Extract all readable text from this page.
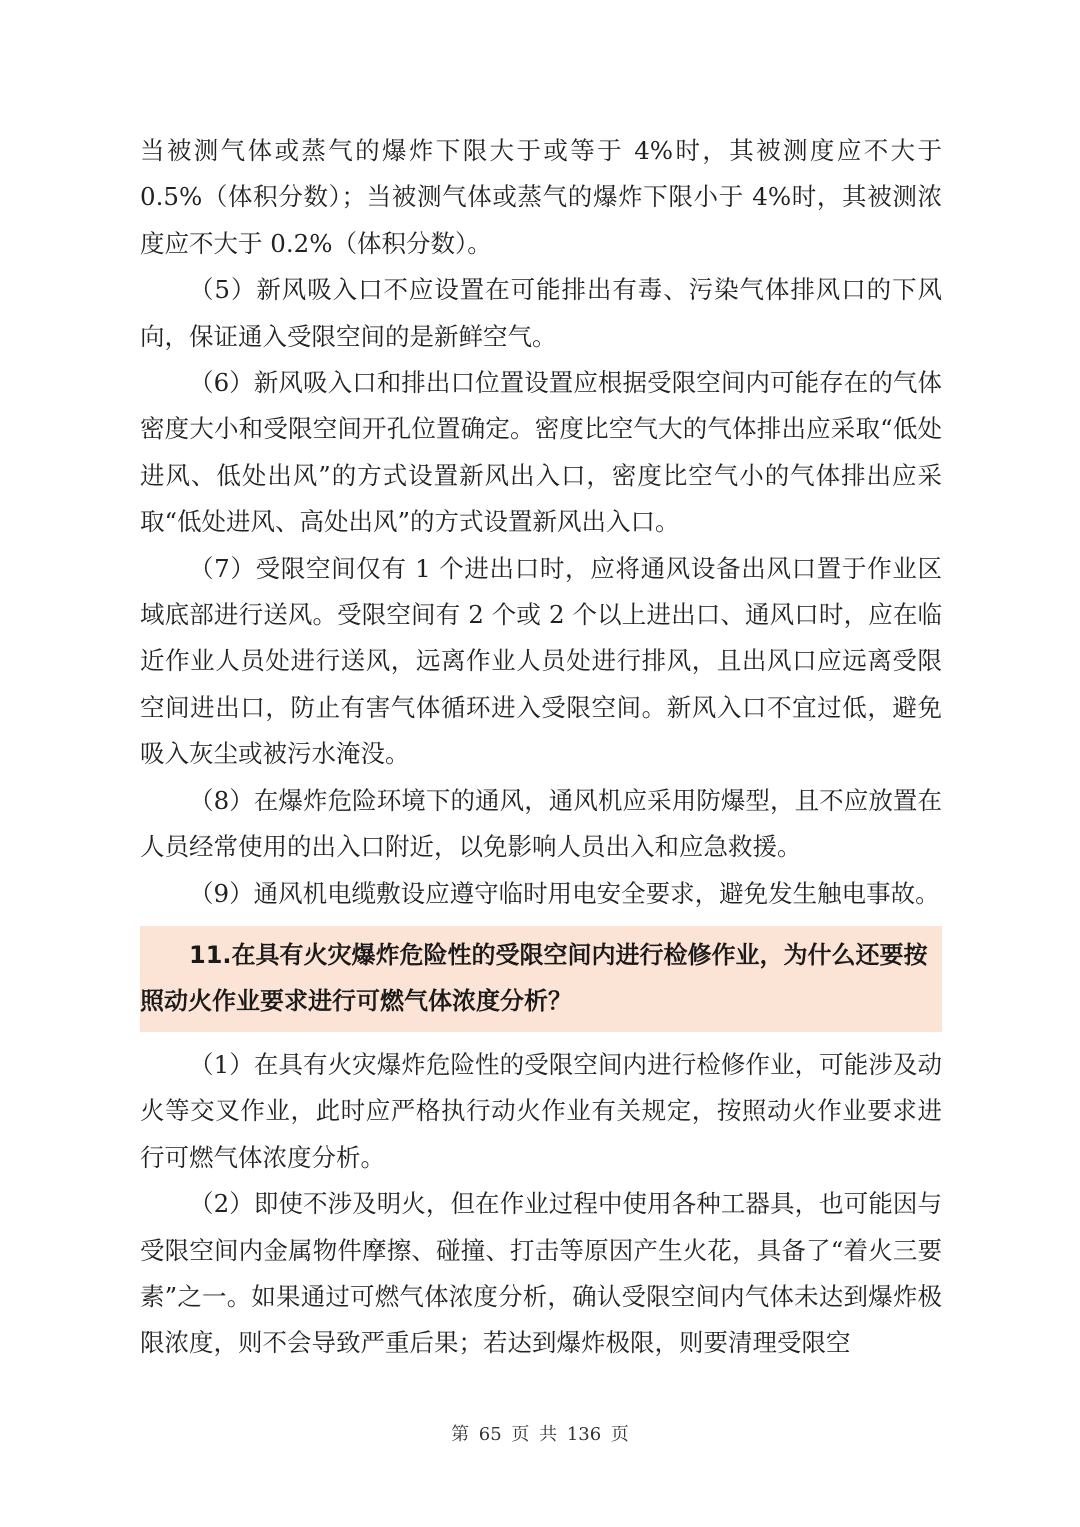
当被测气体或蒸气的爆炸下限大于或等于 4%时，其被测度应不大于 0.5%（体积分数）；当被测气体或蒸气的爆炸下限小于 4%时，其被测浓度应不大于 0.2%（体积分数）。

（5）新风吸入口不应设置在可能排出有毒、污染气体排风口的下风向，保证通入受限空间的是新鲜空气。

（6）新风吸入口和排出口位置设置应根据受限空间内可能存在的气体密度大小和受限空间开孔位置确定。密度比空气大的气体排出应采取“低处进风、低处出风”的方式设置新风出入口，密度比空气小的气体排出应采取“低处进风、高处出风”的方式设置新风出入口。

（7）受限空间仅有 1 个进出口时，应将通风设备出风口置于作业区域底部进行送风。受限空间有 2 个或 2 个以上进出口、通风口时，应在临近作业人员处进行送风，远离作业人员处进行排风，且出风口应远离受限空间进出口，防止有害气体循环进入受限空间。新风入口不宜过低，避免吸入灰尘或被污水淹没。

（8）在爆炸危险环境下的通风，通风机应采用防爆型，且不应放置在人员经常使用的出入口附近，以免影响人员出入和应急救援。

（9）通风机电缆敷设应遵守临时用电安全要求，避免发生触电事故。

11.在具有火灾爆炸危险性的受限空间内进行检修作业，为什么还要按照动火作业要求进行可燃气体浓度分析？

（1）在具有火灾爆炸危险性的受限空间内进行检修作业，可能涉及动火等交叉作业，此时应严格执行动火作业有关规定，按照动火作业要求进行可燃气体浓度分析。

（2）即使不涉及明火，但在作业过程中使用各种工器具，也可能因与受限空间内金属物件摩擦、碰撞、打击等原因产生火花，具备了“着火三要素”之一。如果通过可燃气体浓度分析，确认受限空间内气体未达到爆炸极限浓度，则不会导致严重后果；若达到爆炸极限，则要清理受限空

第 65 页 共 136 页
